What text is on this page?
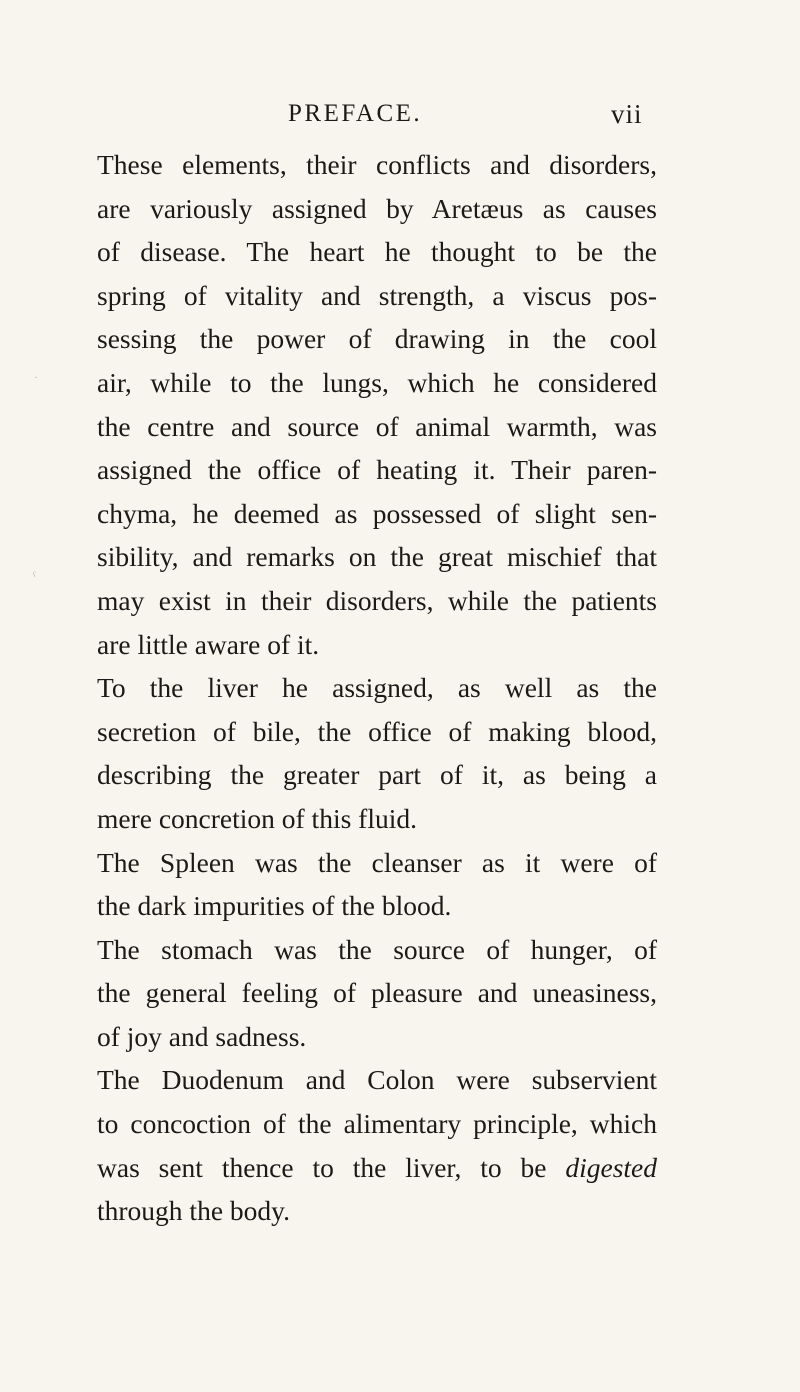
PREFACE.	vii
These elements, their conflicts and disorders,
are variously assigned by Aretæus as causes
of disease. The heart he thought to be the
spring of vitality and strength, a viscus pos-
sessing the power of drawing in the cool
air, while to the lungs, which he considered
the centre and source of animal warmth, was
assigned the office of heating it. Their paren-
chyma, he deemed as possessed of slight sen-
sibility, and remarks on the great mischief that
may exist in their disorders, while the patients
are little aware of it.
To the liver he assigned, as well as the
secretion of bile, the office of making blood,
describing the greater part of it, as being a
mere concretion of this fluid.
The Spleen was the cleanser as it were of
the dark impurities of the blood.
The stomach was the source of hunger, of
the general feeling of pleasure and uneasiness,
of joy and sadness.
The Duodenum and Colon were subservient
to concoction of the alimentary principle, which
was sent thence to the liver, to be digested
through the body.
·
ˁ
